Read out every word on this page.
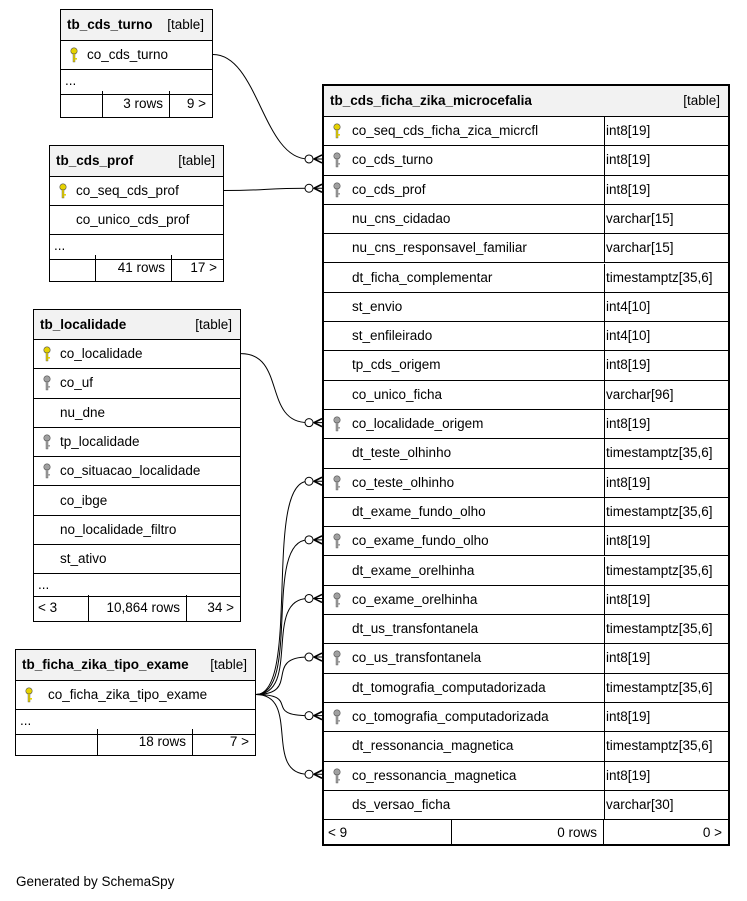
tb_cds_turno [table]
co_cds_turno
...
3 rows 9 >
tb_cds_prof	[table]
co_seq_cds_prof
co_unico_cds_prof
...
41 rows 17 >
tb_localidade	[table]
co_localidade
co_uf
nu_dne
tp_localidade
co_situacao_localidade
co_ibge
no_localidade_filtro
st_ativo
...
< 3	10,864 rows 34 >
tb_ficha_zika_tipo_exame [table]
co_ficha_zika_tipo_exame
...
18 rows	7 >
tb_cds_ficha_zika_microcefalia	[table]
co_seq_cds_ficha_zica_micrcfl	int8[19]
co_cds_turno	int8[19]
co_cds_prof	int8[19]
nu_cns_cidadao	varchar[15]
nu_cns_responsavel_familiar	varchar[15]
dt_ficha_complementar	timestamptz[35,6]
st_envio	int4[10]
st_enfileirado	int4[10]
tp_cds_origem	int8[19]
co_unico_ficha	varchar[96]
co_localidade_origem	int8[19]
dt_teste_olhinho	timestamptz[35,6]
co_teste_olhinho	int8[19]
dt_exame_fundo_olho	timestamptz[35,6]
co_exame_fundo_olho	int8[19]
dt_exame_orelhinha	timestamptz[35,6]
co_exame_orelhinha	int8[19]
dt_us_transfontanela	timestamptz[35,6]
co_us_transfontanela	int8[19]
dt_tomografia_computadorizada	timestamptz[35,6]
co_tomografia_computadorizada	int8[19]
dt_ressonancia_magnetica	timestamptz[35,6]
co_ressonancia_magnetica	int8[19]
ds_versao_ficha	varchar[30]
< 9	0 rows	0 >
Generated by SchemaSpy
